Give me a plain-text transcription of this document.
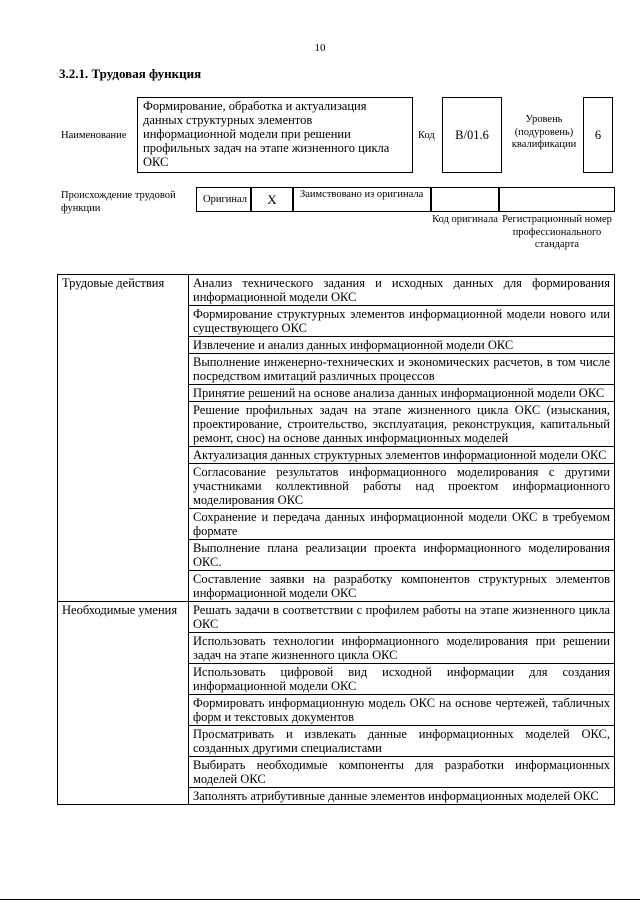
10
3.2.1. Трудовая функция
Наименование
Формирование, обработка и актуализация данных структурных элементов информационной модели при решении профильных задач на этапе жизненного цикла ОКС
Код	B/01.6
Уровень (подуровень) квалификации
6
Происхождение трудовой функции
Оригинал	X	Заимствовано из оригинала
Код оригинала Регистрационный номер профессионального стандарта
Трудовые действия	Анализ технического задания и исходных данных для формирования информационной модели ОКС
	Формирование структурных элементов информационной модели нового или существующего ОКС
	Извлечение и анализ данных информационной модели ОКС
	Выполнение инженерно-технических и экономических расчетов, в том числе посредством имитаций различных процессов
	Принятие решений на основе анализа данных информационной модели ОКС
	Решение профильных задач на этапе жизненного цикла ОКС (изыскания, проектирование, строительство, эксплуатация, реконструкция, капитальный ремонт, снос) на основе данных информационных моделей
	Актуализация данных структурных элементов информационной модели ОКС
	Согласование результатов информационного моделирования с другими участниками коллективной работы над проектом информационного моделирования ОКС
	Сохранение и передача данных информационной модели ОКС в требуемом формате
	Выполнение плана реализации проекта информационного моделирования ОКС.
	Составление заявки на разработку компонентов структурных элементов информационной модели ОКС
Необходимые умения	Решать задачи в соответствии с профилем работы на этапе жизненного цикла ОКС
	Использовать технологии информационного моделирования при решении задач на этапе жизненного цикла ОКС
	Использовать цифровой вид исходной информации для создания информационной модели ОКС
	Формировать информационную модель ОКС на основе чертежей, табличных форм и текстовых документов
	Просматривать и извлекать данные информационных моделей ОКС, созданных другими специалистами
	Выбирать необходимые компоненты для разработки информационных моделей ОКС
	Заполнять атрибутивные данные элементов информационных моделей ОКС
